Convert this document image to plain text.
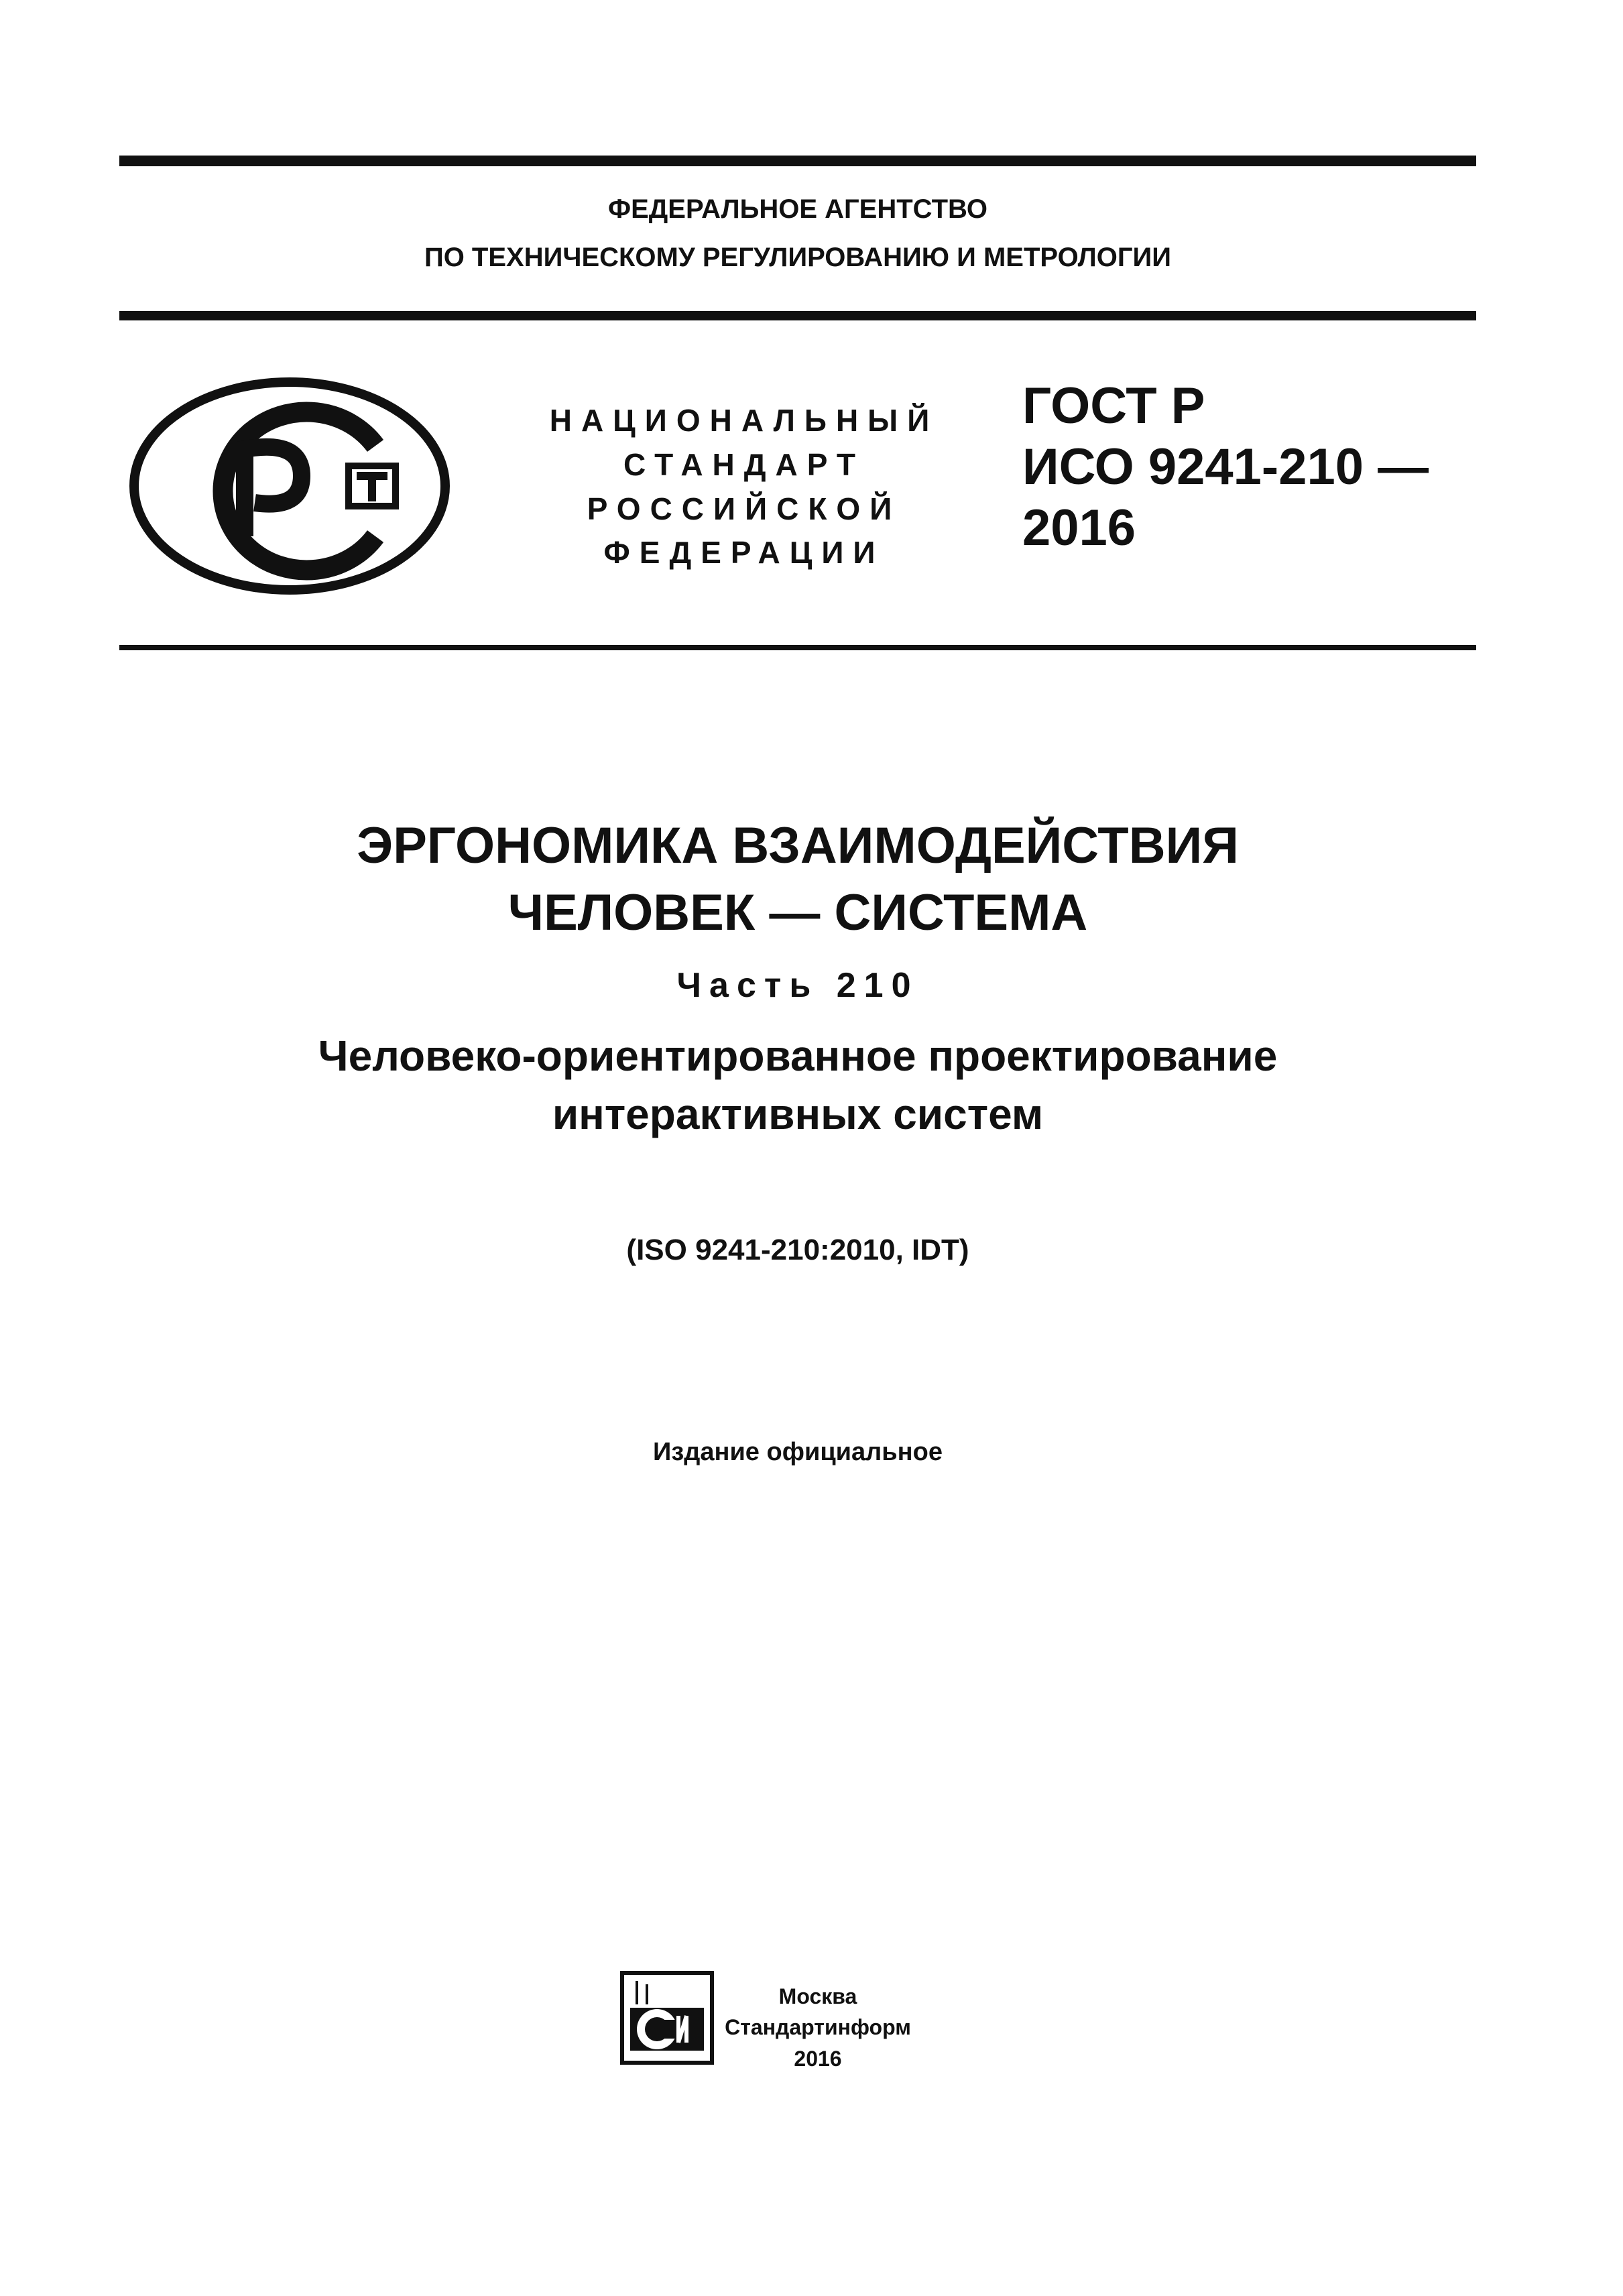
ФЕДЕРАЛЬНОЕ АГЕНТСТВО
ПО ТЕХНИЧЕСКОМУ РЕГУЛИРОВАНИЮ И МЕТРОЛОГИИ
НАЦИОНАЛЬНЫЙ
СТАНДАРТ
РОССИЙСКОЙ
ФЕДЕРАЦИИ
ГОСТ Р
ИСО 9241-210 —
2016
ЭРГОНОМИКА ВЗАИМОДЕЙСТВИЯ
ЧЕЛОВЕК — СИСТЕМА
Часть 210
Человеко-ориентированное проектирование
интерактивных систем
(ISO 9241-210:2010, IDT)
Издание официальное
Москва
Стандартинформ
2016
